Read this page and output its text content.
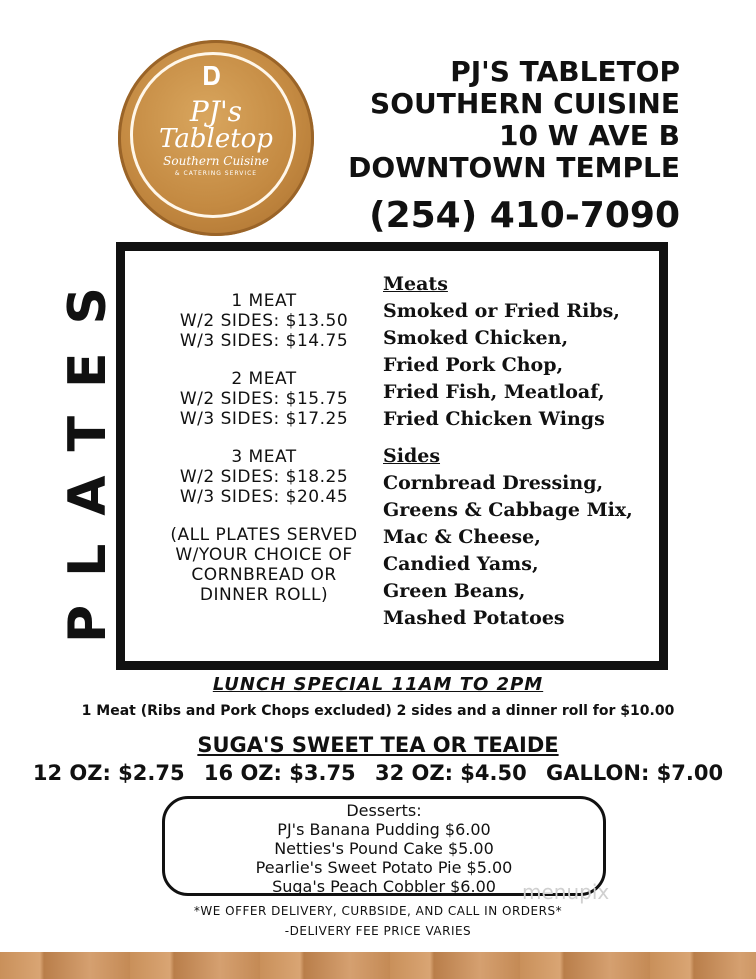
𝐃
PJ's
Tabletop
Southern Cuisine
& CATERING SERVICE
PJ'S TABLETOP
SOUTHERN CUISINE
10 W AVE B
DOWNTOWN TEMPLE
(254) 410-7090
PLATES	1 MEAT
W/2 SIDES: $13.50
W/3 SIDES: $14.75
2 MEAT
W/2 SIDES: $15.75
W/3 SIDES: $17.25
3 MEAT
W/2 SIDES: $18.25
W/3 SIDES: $20.45
(ALL PLATES SERVED
W/YOUR CHOICE OF
CORNBREAD OR
DINNER ROLL)
Meats
Smoked or Fried Ribs,
Smoked Chicken,
Fried Pork Chop,
Fried Fish, Meatloaf,
Fried Chicken Wings
Sides
Cornbread Dressing,
Greens & Cabbage Mix,
Mac & Cheese,
Candied Yams,
Green Beans,
Mashed Potatoes
LUNCH SPECIAL 11AM TO 2PM
1 Meat (Ribs and Pork Chops excluded) 2 sides and a dinner roll for $10.00
SUGA'S SWEET TEA OR TEAIDE
12 OZ: $2.75 16 OZ: $3.75 32 OZ: $4.50 GALLON: $7.00
Desserts:
PJ's Banana Pudding $6.00
Netties's Pound Cake $5.00
Pearlie's Sweet Potato Pie $5.00
Suga's Peach Cobbler $6.00	menupix
*WE OFFER DELIVERY, CURBSIDE, AND CALL IN ORDERS*
-DELIVERY FEE PRICE VARIES
